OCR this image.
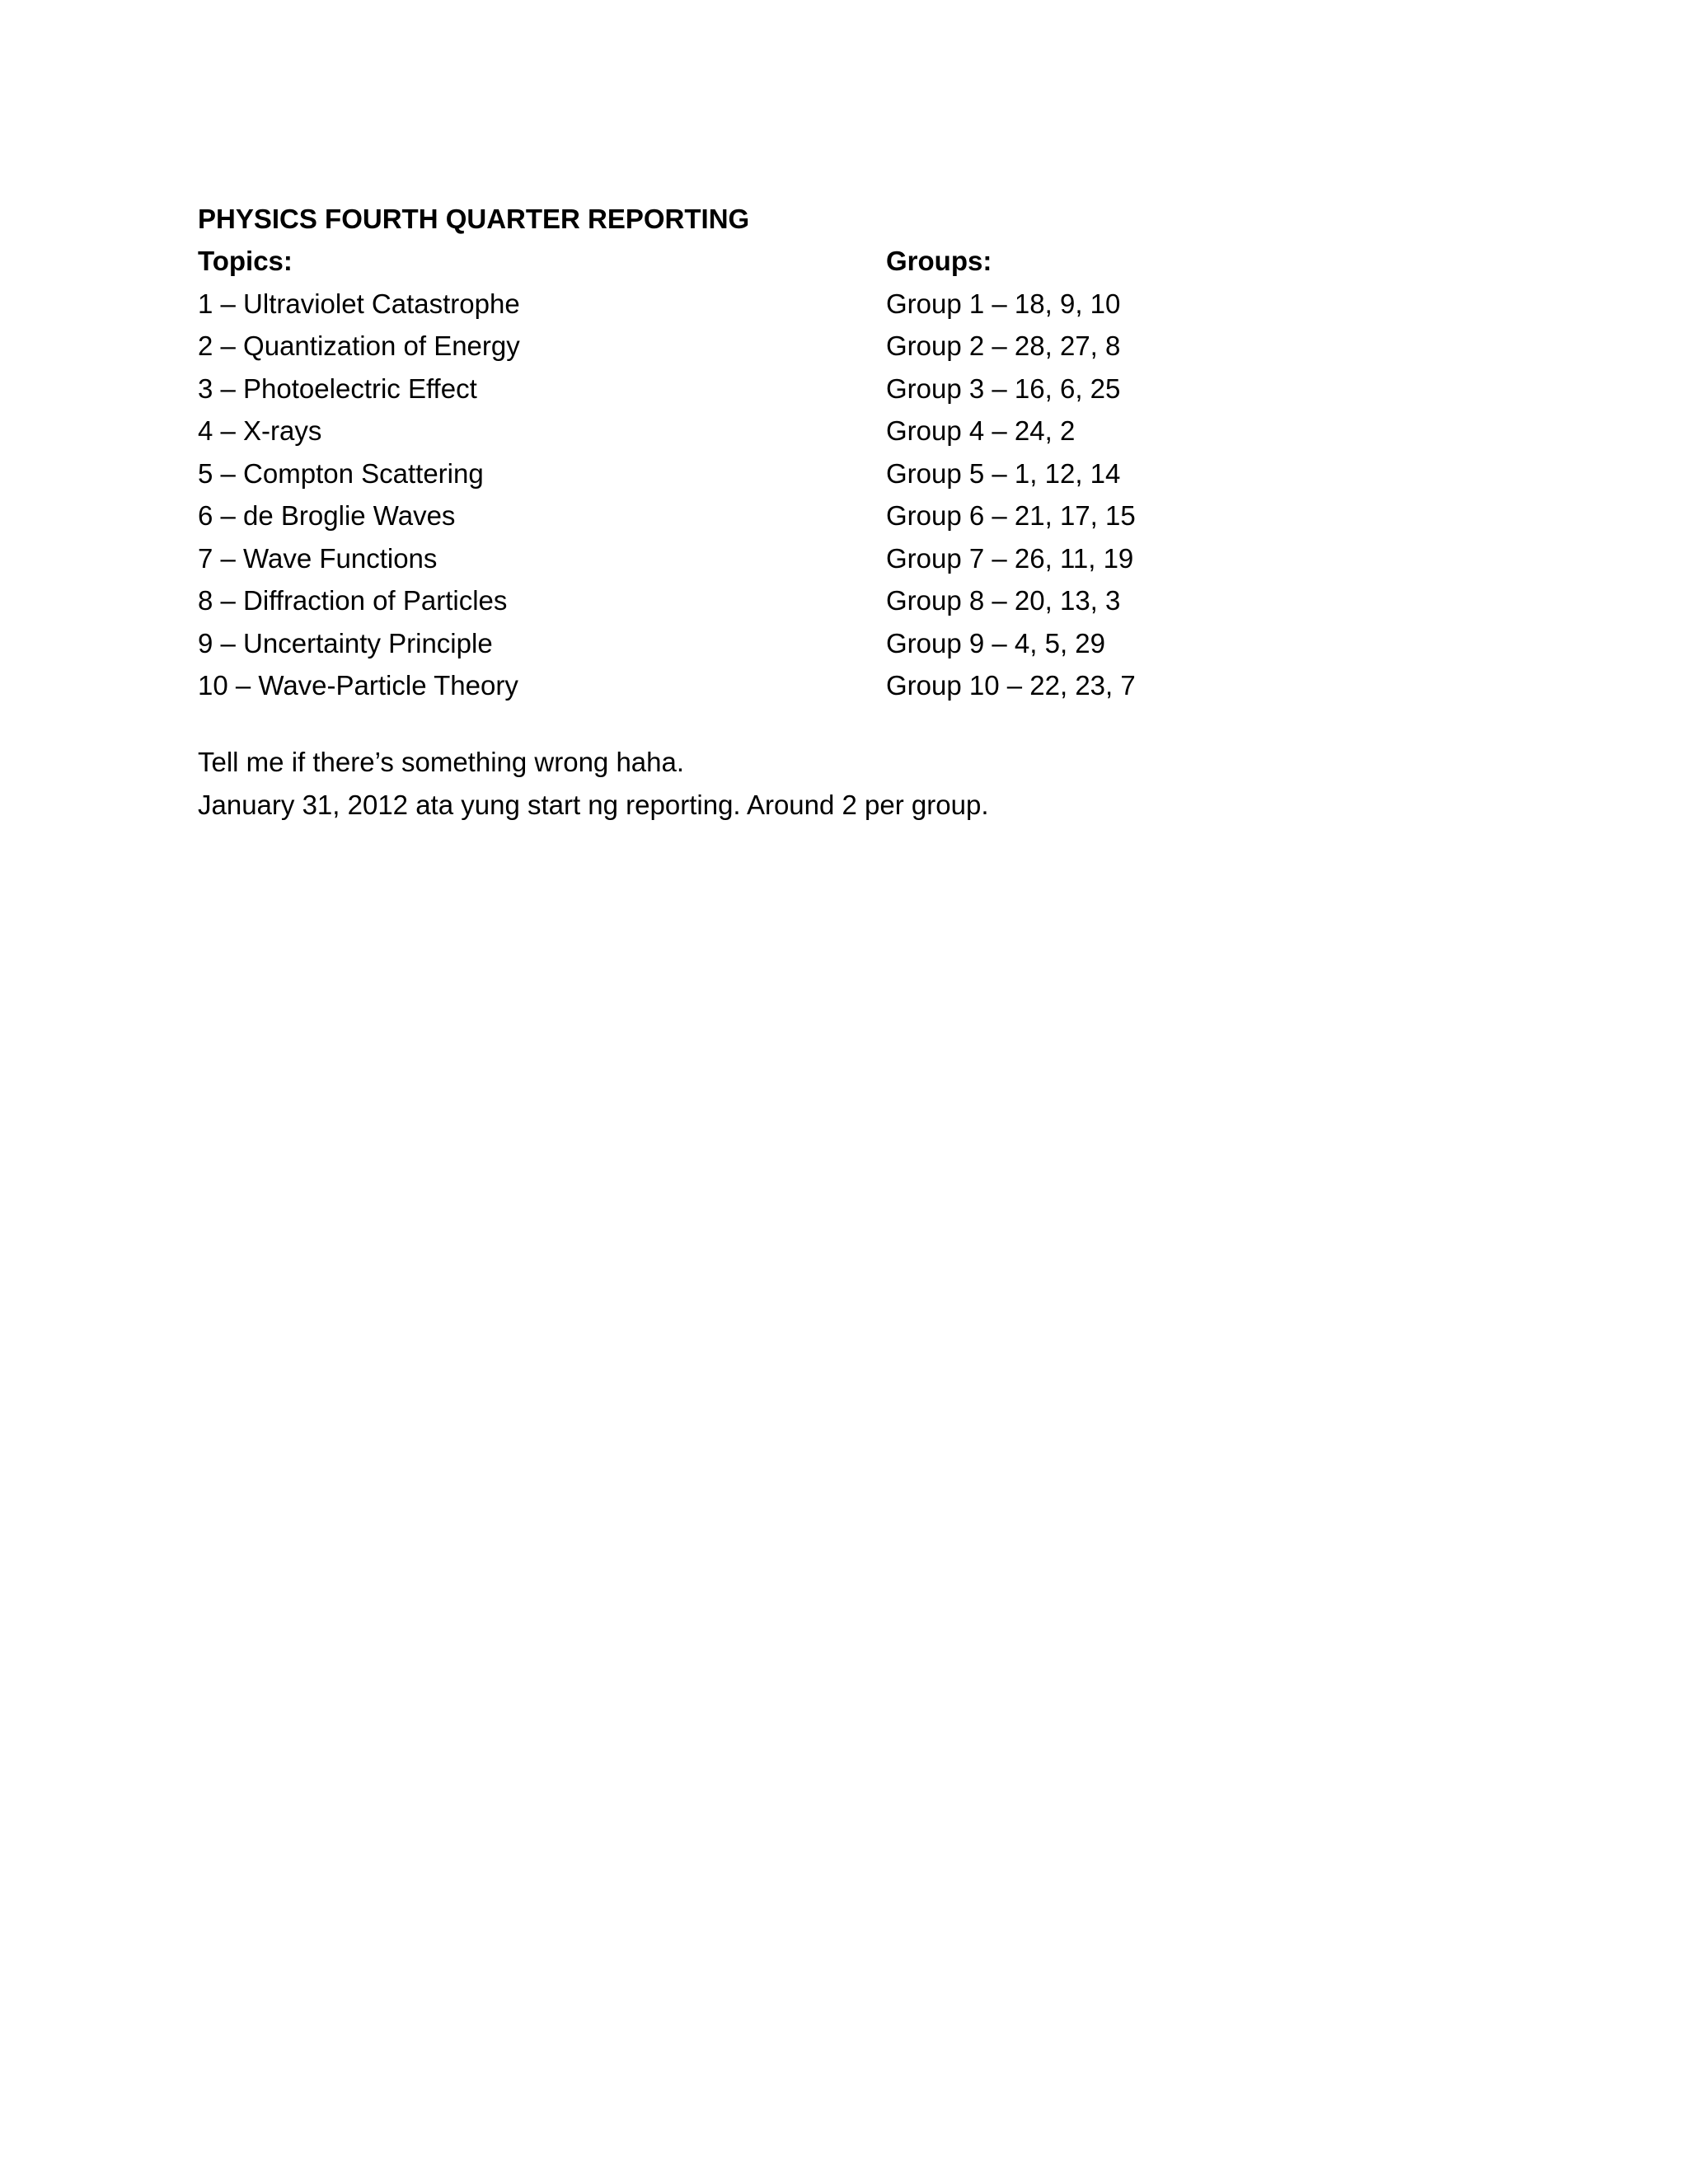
PHYSICS FOURTH QUARTER REPORTING
Topics:
1 – Ultraviolet Catastrophe
2 – Quantization of Energy
3 – Photoelectric Effect
4 – X-rays
5 – Compton Scattering
6 – de Broglie Waves
7 – Wave Functions
8 – Diffraction of Particles
9 – Uncertainty Principle
10 – Wave-Particle Theory
Groups:
Group 1 – 18, 9, 10
Group 2 – 28, 27, 8
Group 3 – 16, 6, 25
Group 4 – 24, 2
Group 5 – 1, 12, 14
Group 6 – 21, 17, 15
Group 7 – 26, 11, 19
Group 8 – 20, 13, 3
Group 9 – 4, 5, 29
Group 10 – 22, 23, 7
Tell me if there’s something wrong haha.
January 31, 2012 ata yung start ng reporting. Around 2 per group.
